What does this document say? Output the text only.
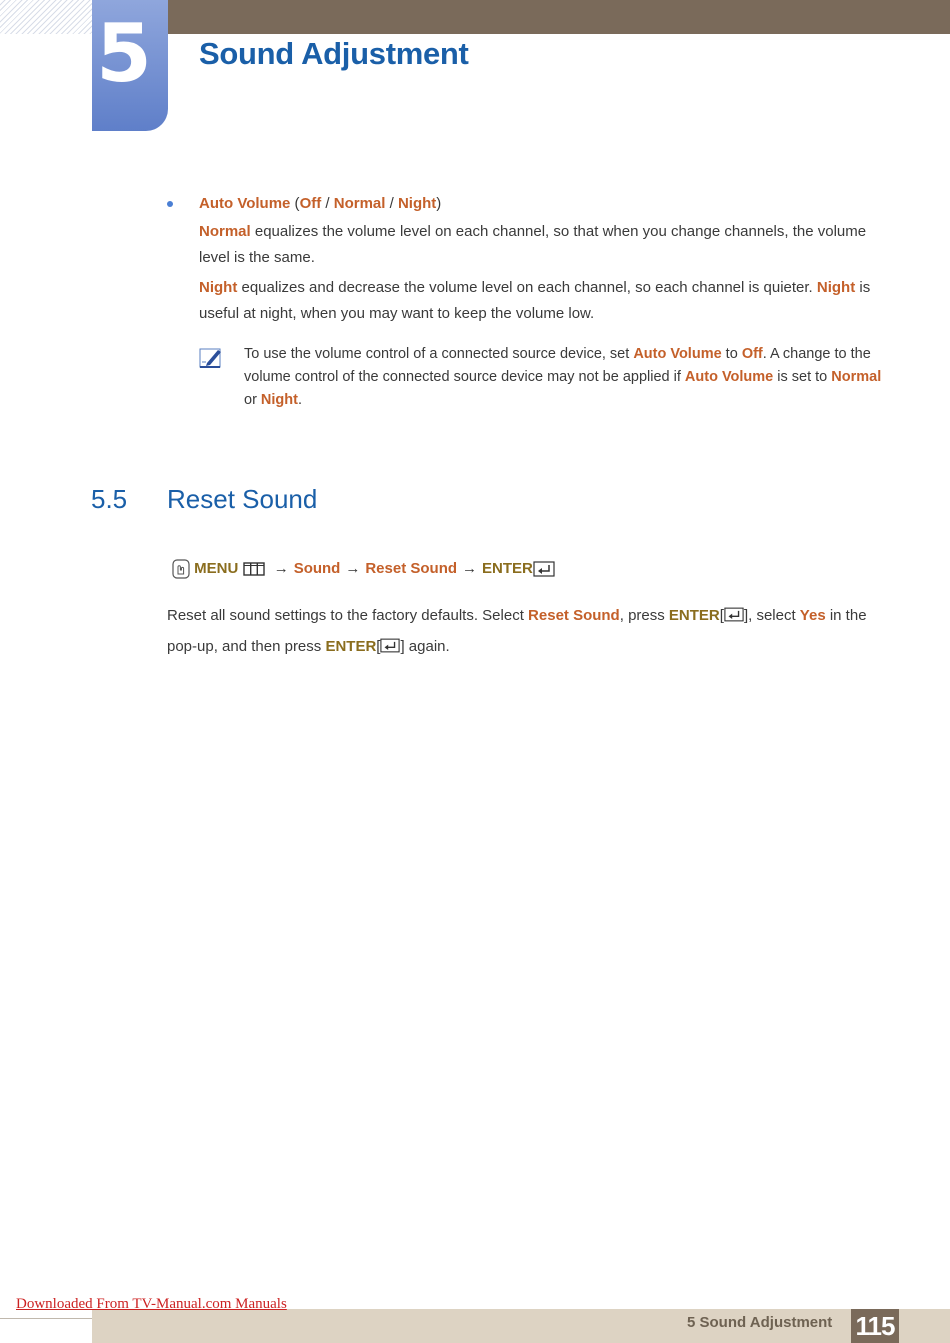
5 Sound Adjustment
Auto Volume (Off / Normal / Night)
Normal equalizes the volume level on each channel, so that when you change channels, the volume level is the same.
Night equalizes and decrease the volume level on each channel, so each channel is quieter. Night is useful at night, when you may want to keep the volume low.
To use the volume control of a connected source device, set Auto Volume to Off. A change to the volume control of the connected source device may not be applied if Auto Volume is set to Normal or Night.
5.5 Reset Sound
MENU → Sound → Reset Sound → ENTER
Reset all sound settings to the factory defaults. Select Reset Sound, press ENTER[ ], select Yes in the pop-up, and then press ENTER[ ] again.
Downloaded From TV-Manual.com Manuals
5 Sound Adjustment 115
